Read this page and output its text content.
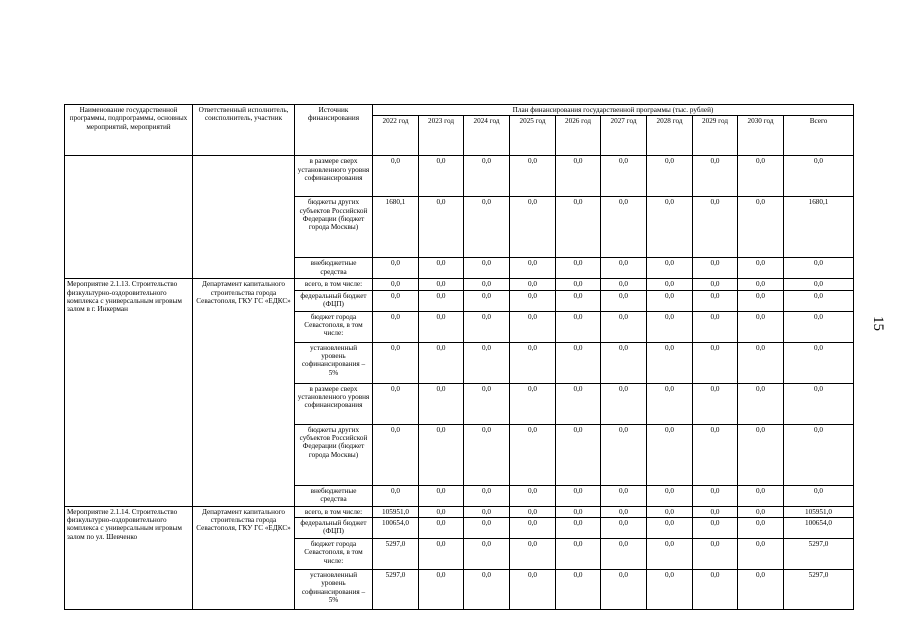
15
Наименование государственной программы, подпрограммы, основных мероприятий, мероприятий	Ответственный исполнитель, соисполнитель, участник	Источник финансирования	План финансирования государственной программы (тыс. рублей)									
			2022 год	2023 год	2024 год	2025 год	2026 год	2027 год	2028 год	2029 год	2030 год	Всего
		в размере сверх установленного уровня софинансирования	0,0	0,0	0,0	0,0	0,0	0,0	0,0	0,0	0,0	0,0
		бюджеты других субъектов Российской Федерации (бюджет города Москвы)	1680,1	0,0	0,0	0,0	0,0	0,0	0,0	0,0	0,0	1680,1
		внебюджетные средства	0,0	0,0	0,0	0,0	0,0	0,0	0,0	0,0	0,0	0,0
Мероприятие 2.1.13. Строительство физкультурно-оздоровительного комплекса с универсальным игровым залом в г. Инкерман	Департамент капитального строительства города Севастополя, ГКУ ГС «ЕДКС»	всего, в том числе:	0,0	0,0	0,0	0,0	0,0	0,0	0,0	0,0	0,0	0,0
		федеральный бюджет (ФЦП)	0,0	0,0	0,0	0,0	0,0	0,0	0,0	0,0	0,0	0,0
		бюджет города Севастополя, в том числе:	0,0	0,0	0,0	0,0	0,0	0,0	0,0	0,0	0,0	0,0
		установленный уровень софинансирования – 5%	0,0	0,0	0,0	0,0	0,0	0,0	0,0	0,0	0,0	0,0
		в размере сверх установленного уровня софинансирования	0,0	0,0	0,0	0,0	0,0	0,0	0,0	0,0	0,0	0,0
		бюджеты других субъектов Российской Федерации (бюджет города Москвы)	0,0	0,0	0,0	0,0	0,0	0,0	0,0	0,0	0,0	0,0
		внебюджетные средства	0,0	0,0	0,0	0,0	0,0	0,0	0,0	0,0	0,0	0,0
Мероприятие 2.1.14. Строительство физкультурно-оздоровительного комплекса с универсальным игровым залом по ул. Шевченко	Департамент капитального строительства города Севастополя, ГКУ ГС «ЕДКС»	всего, в том числе:	105951,0	0,0	0,0	0,0	0,0	0,0	0,0	0,0	0,0	105951,0
		федеральный бюджет (ФЦП)	100654,0	0,0	0,0	0,0	0,0	0,0	0,0	0,0	0,0	100654,0
		бюджет города Севастополя, в том числе:	5297,0	0,0	0,0	0,0	0,0	0,0	0,0	0,0	0,0	5297,0
		установленный уровень софинансирования – 5%	5297,0	0,0	0,0	0,0	0,0	0,0	0,0	0,0	0,0	5297,0
